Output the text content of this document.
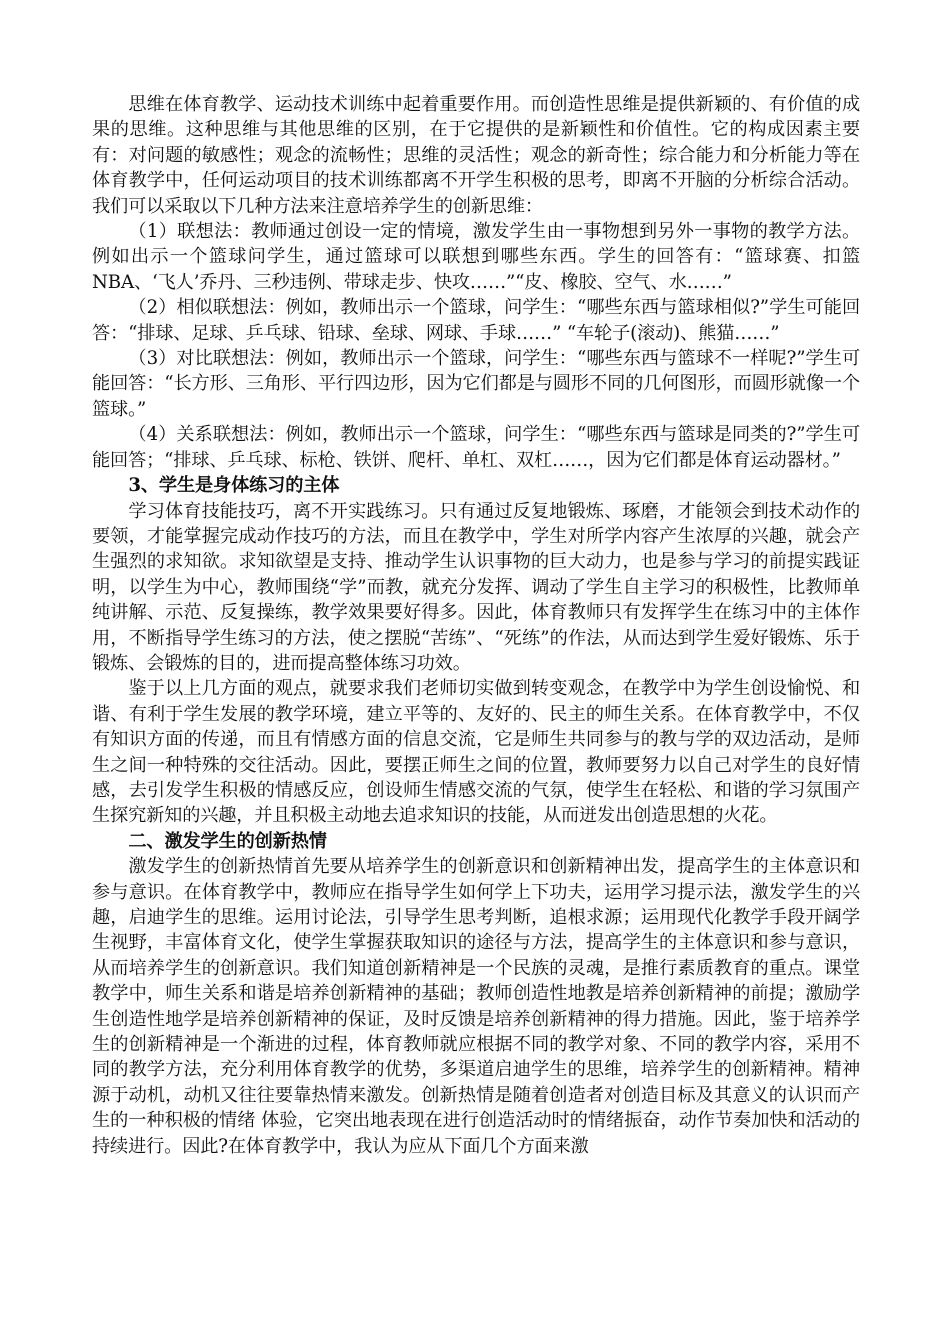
思维在体育教学、运动技术训练中起着重要作用。而创造性思维是提供新颖的、有价值的成果的思维。这种思维与其他思维的区别，在于它提供的是新颖性和价值性。它的构成因素主要有：对问题的敏感性；观念的流畅性；思维的灵活性；观念的新奇性；综合能力和分析能力等在体育教学中，任何运动项目的技术训练都离不开学生积极的思考，即离不开脑的分析综合活动。我们可以采取以下几种方法来注意培养学生的创新思维：

（1）联想法：教师通过创设一定的情境，激发学生由一事物想到另外一事物的教学方法。例如出示一个篮球问学生，通过篮球可以联想到哪些东西。学生的回答有：“篮球赛、扣篮NBA、‘飞人’乔丹、三秒违例、带球走步、快攻……”“皮、橡胶、空气、水……”

（2）相似联想法：例如，教师出示一个篮球，问学生：“哪些东西与篮球相似?”学生可能回答：“排球、足球、乒乓球、铅球、垒球、网球、手球……” “车轮子(滚动)、熊猫……”

（3）对比联想法：例如，教师出示一个篮球，问学生：“哪些东西与篮球不一样呢?”学生可能回答：“长方形、三角形、平行四边形，因为它们都是与圆形不同的几何图形，而圆形就像一个篮球。”

（4）关系联想法：例如，教师出示一个篮球，问学生：“哪些东西与篮球是同类的?”学生可能回答；“排球、乒乓球、标枪、铁饼、爬杆、单杠、双杠……，因为它们都是体育运动器材。”

3、学生是身体练习的主体

学习体育技能技巧，离不开实践练习。只有通过反复地锻炼、琢磨，才能领会到技术动作的要领，才能掌握完成动作技巧的方法，而且在教学中，学生对所学内容产生浓厚的兴趣，就会产生强烈的求知欲。求知欲望是支持、推动学生认识事物的巨大动力，也是参与学习的前提实践证明，以学生为中心，教师围绕“学”而教，就充分发挥、调动了学生自主学习的积极性，比教师单纯讲解、示范、反复操练，教学效果要好得多。因此，体育教师只有发挥学生在练习中的主体作用，不断指导学生练习的方法，使之摆脱“苦练”、“死练”的作法，从而达到学生爱好锻炼、乐于锻炼、会锻炼的目的，进而提高整体练习功效。

鉴于以上几方面的观点，就要求我们老师切实做到转变观念，在教学中为学生创设愉悦、和谐、有利于学生发展的教学环境，建立平等的、友好的、民主的师生关系。在体育教学中，不仅有知识方面的传递，而且有情感方面的信息交流，它是师生共同参与的教与学的双边活动，是师生之间一种特殊的交往活动。因此，要摆正师生之间的位置，教师要努力以自己对学生的良好情感，去引发学生积极的情感反应，创设师生情感交流的气氛，使学生在轻松、和谐的学习氛围产生探究新知的兴趣，并且积极主动地去追求知识的技能，从而迸发出创造思想的火花。

二、激发学生的创新热情

激发学生的创新热情首先要从培养学生的创新意识和创新精神出发，提高学生的主体意识和参与意识。在体育教学中，教师应在指导学生如何学上下功夫，运用学习提示法，激发学生的兴趣，启迪学生的思维。运用讨论法，引导学生思考判断，追根求源；运用现代化教学手段开阔学生视野，丰富体育文化，使学生掌握获取知识的途径与方法，提高学生的主体意识和参与意识，从而培养学生的创新意识。我们知道创新精神是一个民族的灵魂，是推行素质教育的重点。课堂教学中，师生关系和谐是培养创新精神的基础；教师创造性地教是培养创新精神的前提；激励学生创造性地学是培养创新精神的保证，及时反馈是培养创新精神的得力措施。因此，鉴于培养学生的创新精神是一个渐进的过程，体育教师就应根据不同的教学对象、不同的教学内容，采用不同的教学方法，充分利用体育教学的优势，多渠道启迪学生的思维，培养学生的创新精神。精神源于动机，动机又往往要靠热情来激发。创新热情是随着创造者对创造目标及其意义的认识而产生的一种积极的情绪 体验，它突出地表现在进行创造活动时的情绪振奋，动作节奏加快和活动的持续进行。因此?在体育教学中，我认为应从下面几个方面来激
